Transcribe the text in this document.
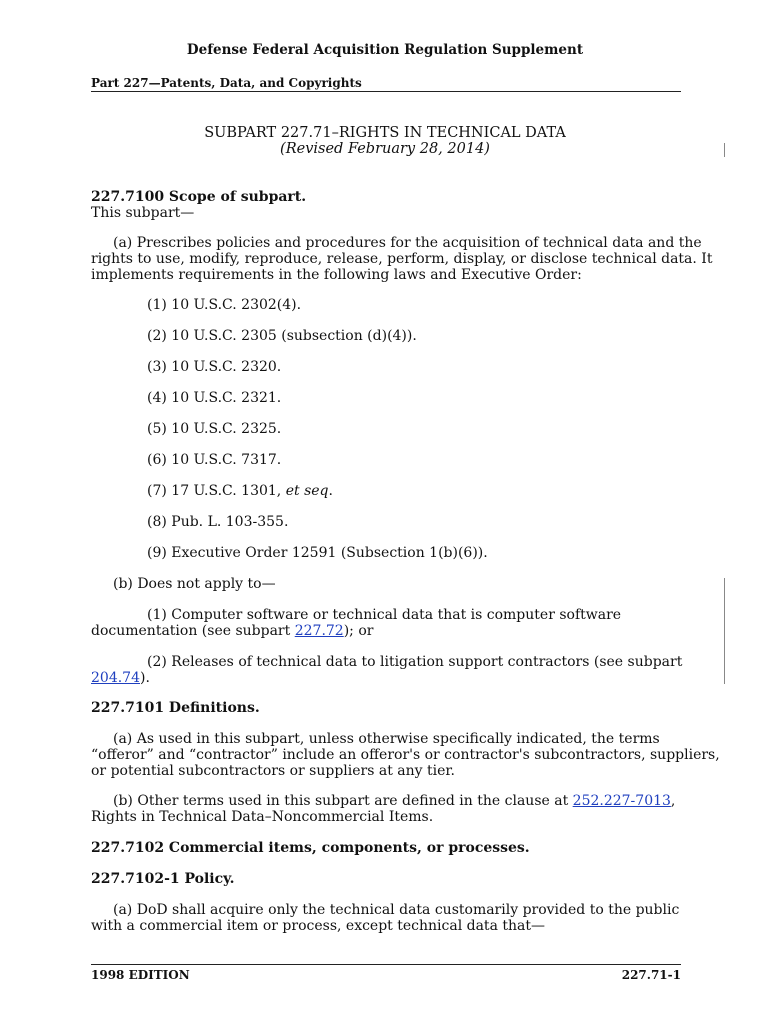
Defense Federal Acquisition Regulation Supplement
Part 227—Patents, Data, and Copyrights
SUBPART 227.71–RIGHTS IN TECHNICAL DATA
(Revised February 28, 2014)
227.7100 Scope of subpart.
This subpart—
(a) Prescribes policies and procedures for the acquisition of technical data and the
rights to use, modify, reproduce, release, perform, display, or disclose technical data. It
implements requirements in the following laws and Executive Order:
(1) 10 U.S.C. 2302(4).
(2) 10 U.S.C. 2305 (subsection (d)(4)).
(3) 10 U.S.C. 2320.
(4) 10 U.S.C. 2321.
(5) 10 U.S.C. 2325.
(6) 10 U.S.C. 7317.
(7) 17 U.S.C. 1301, et seq.
(8) Pub. L. 103-355.
(9) Executive Order 12591 (Subsection 1(b)(6)).
(b) Does not apply to—
(1) Computer software or technical data that is computer software
documentation (see subpart 227.72); or
(2) Releases of technical data to litigation support contractors (see subpart
204.74).
227.7101 Definitions.
(a) As used in this subpart, unless otherwise specifically indicated, the terms
“offeror” and “contractor” include an offeror's or contractor's subcontractors, suppliers,
or potential subcontractors or suppliers at any tier.
(b) Other terms used in this subpart are defined in the clause at 252.227-7013,
Rights in Technical Data–Noncommercial Items.
227.7102 Commercial items, components, or processes.
227.7102-1 Policy.
(a) DoD shall acquire only the technical data customarily provided to the public
with a commercial item or process, except technical data that—
1998 EDITION	227.71-1
